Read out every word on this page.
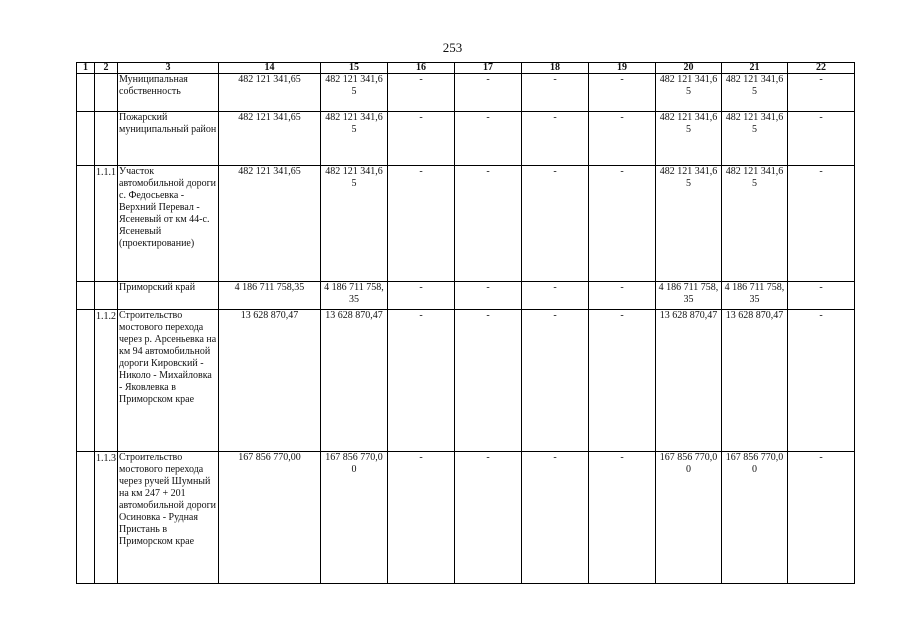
253
1	2	3	14	15	16	17	18	19	20	21	22
		Муниципальная собственность	482 121 341,65	482 121 341,6 5	-	-	-	-	482 121 341,6 5	482 121 341,6 5	-
		Пожарский муниципальный район	482 121 341,65	482 121 341,6 5	-	-	-	-	482 121 341,6 5	482 121 341,6 5	-
	1.1.1	Участок автомобильной дороги с. Федосьевка - Верхний Перевал - Ясеневый от км 44-с. Ясеневый (проектирование)	482 121 341,65	482 121 341,6 5	-	-	-	-	482 121 341,6 5	482 121 341,6 5	-
		Приморский край	4 186 711 758,35	4 186 711 758, 35	-	-	-	-	4 186 711 758, 35	4 186 711 758, 35	-
	1.1.2	Строительство мостового перехода через р. Арсеньевка на км 94 автомобильной дороги Кировский - Николо - Михайловка - Яковлевка в Приморском крае	13 628 870,47	13 628 870,47	-	-	-	-	13 628 870,47	13 628 870,47	-
	1.1.3	Строительство мостового перехода через ручей Шумный на км 247 + 201 автомобильной дороги Осиновка - Рудная Пристань в Приморском крае	167 856 770,00	167 856 770,0 0	-	-	-	-	167 856 770,0 0	167 856 770,0 0	-
